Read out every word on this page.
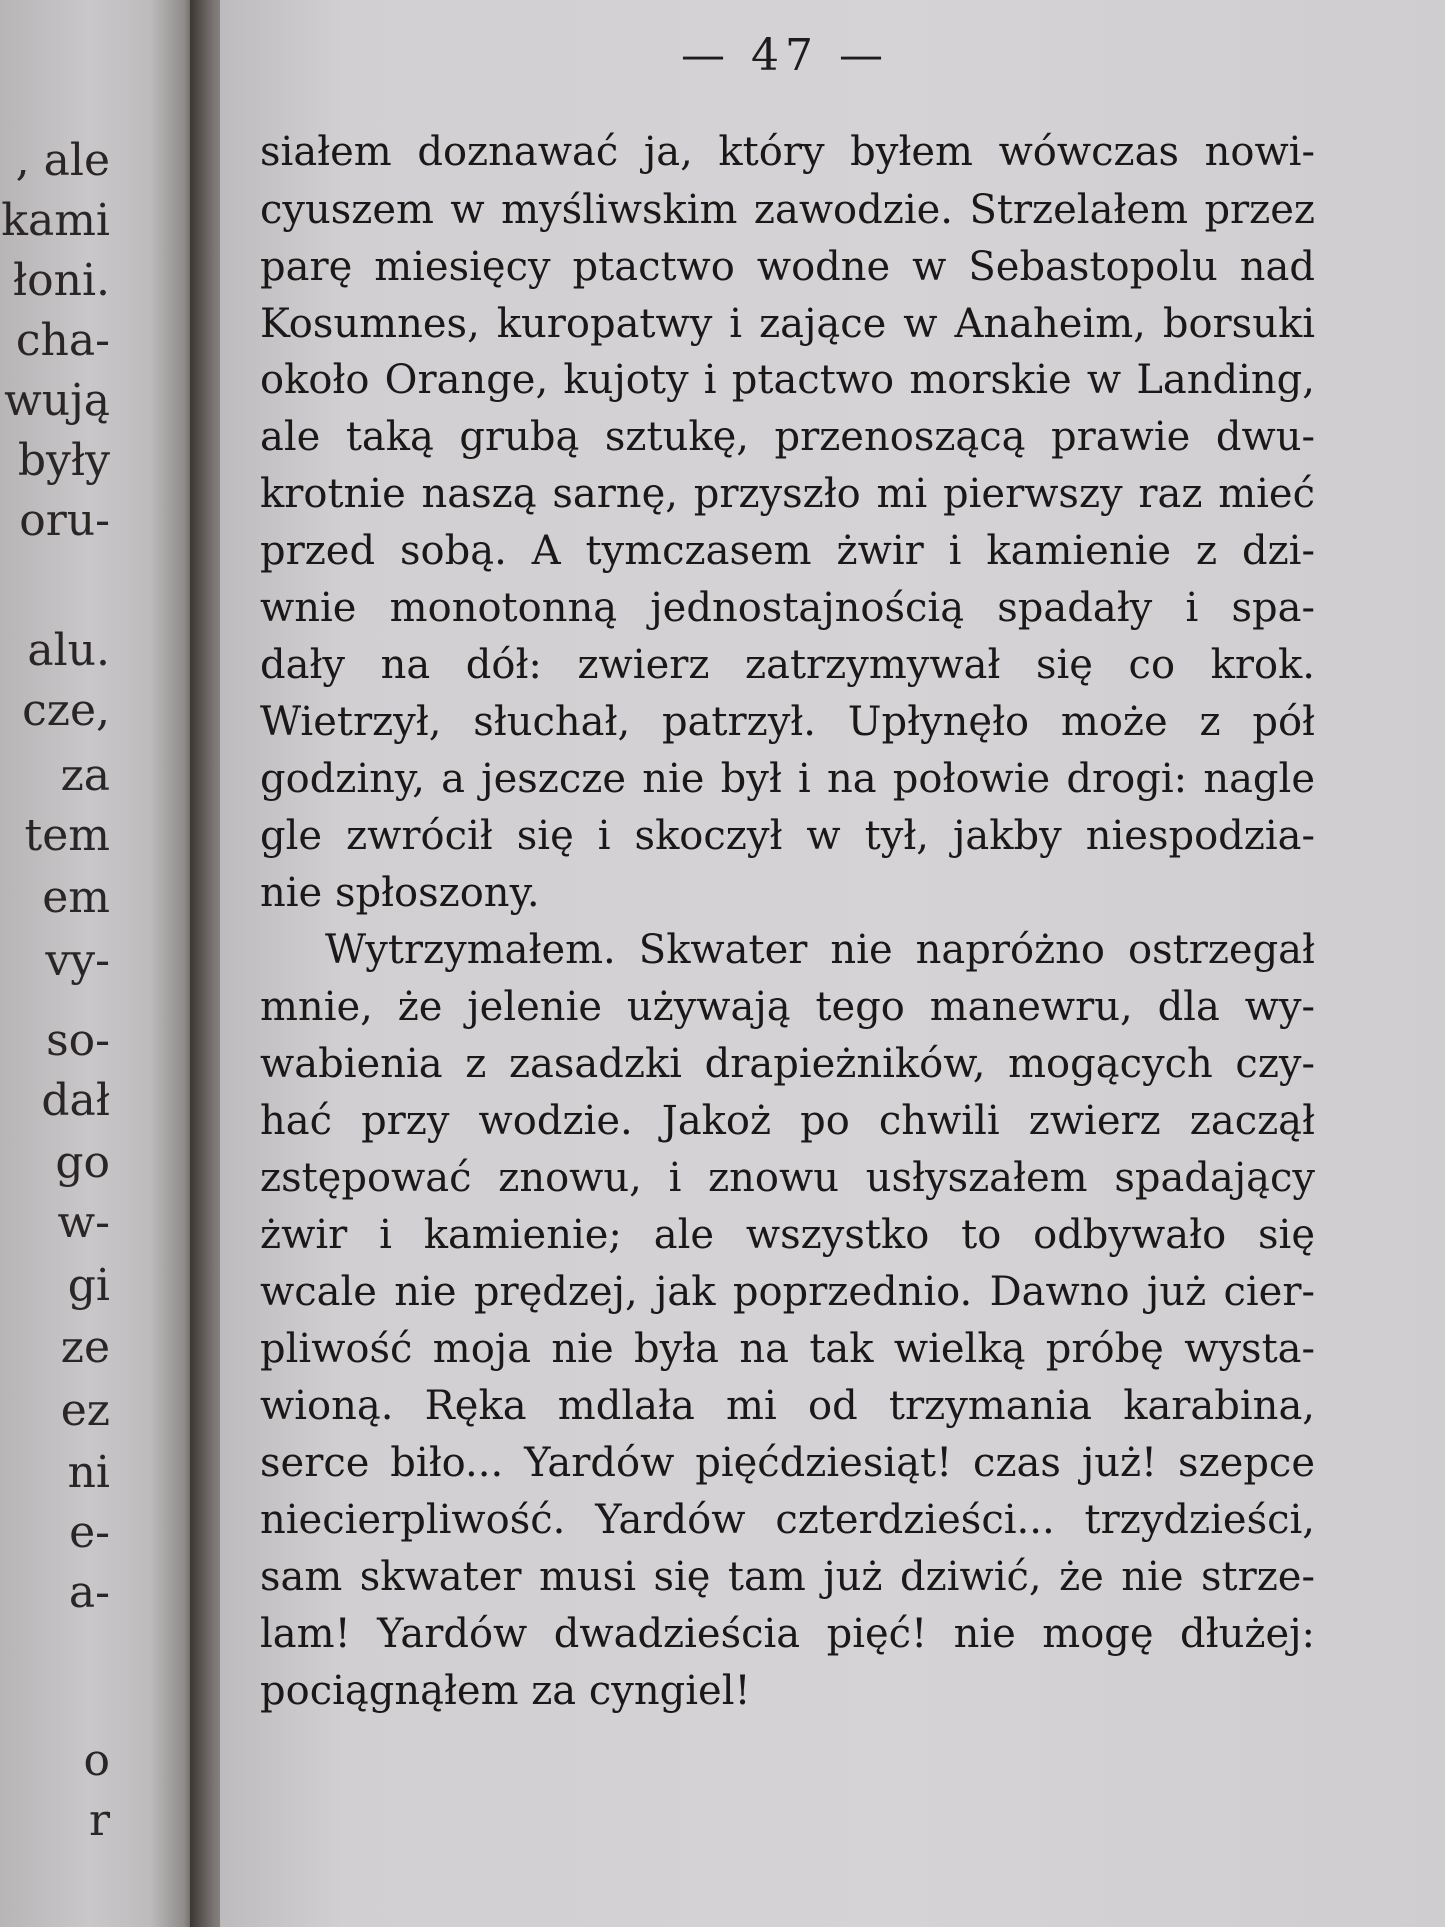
, ale
kami
łoni.
cha-
wują
były
oru-
alu.
cze,
za
tem
em
vy-
so-
dał
go
w-
gi
ze
ez
ni
e-
a-
o
r
— 47 —
siałem doznawać ja, który byłem wówczas nowi-
cyuszem w myśliwskim zawodzie. Strzelałem przez
parę miesięcy ptactwo wodne w Sebastopolu nad
Kosumnes, kuropatwy i zające w Anaheim, borsuki
około Orange, kujoty i ptactwo morskie w Landing,
ale taką grubą sztukę, przenoszącą prawie dwu-
krotnie naszą sarnę, przyszło mi pierwszy raz mieć
przed sobą. A tymczasem żwir i kamienie z dzi-
wnie monotonną jednostajnością spadały i spa-
dały na dół: zwierz zatrzymywał się co krok.
Wietrzył, słuchał, patrzył. Upłynęło może z pół
godziny, a jeszcze nie był i na połowie drogi: nagle
gle zwrócił się i skoczył w tył, jakby niespodzia-
nie spłoszony.
Wytrzymałem. Skwater nie napróżno ostrzegał
mnie, że jelenie używają tego manewru, dla wy-
wabienia z zasadzki drapieżników, mogących czy-
hać przy wodzie. Jakoż po chwili zwierz zaczął
zstępować znowu, i znowu usłyszałem spadający
żwir i kamienie; ale wszystko to odbywało się
wcale nie prędzej, jak poprzednio. Dawno już cier-
pliwość moja nie była na tak wielką próbę wysta-
wioną. Ręka mdlała mi od trzymania karabina,
serce biło... Yardów pięćdziesiąt! czas już! szepce
niecierpliwość. Yardów czterdzieści... trzydzieści,
sam skwater musi się tam już dziwić, że nie strze-
lam! Yardów dwadzieścia pięć! nie mogę dłużej:
pociągnąłem za cyngiel!
